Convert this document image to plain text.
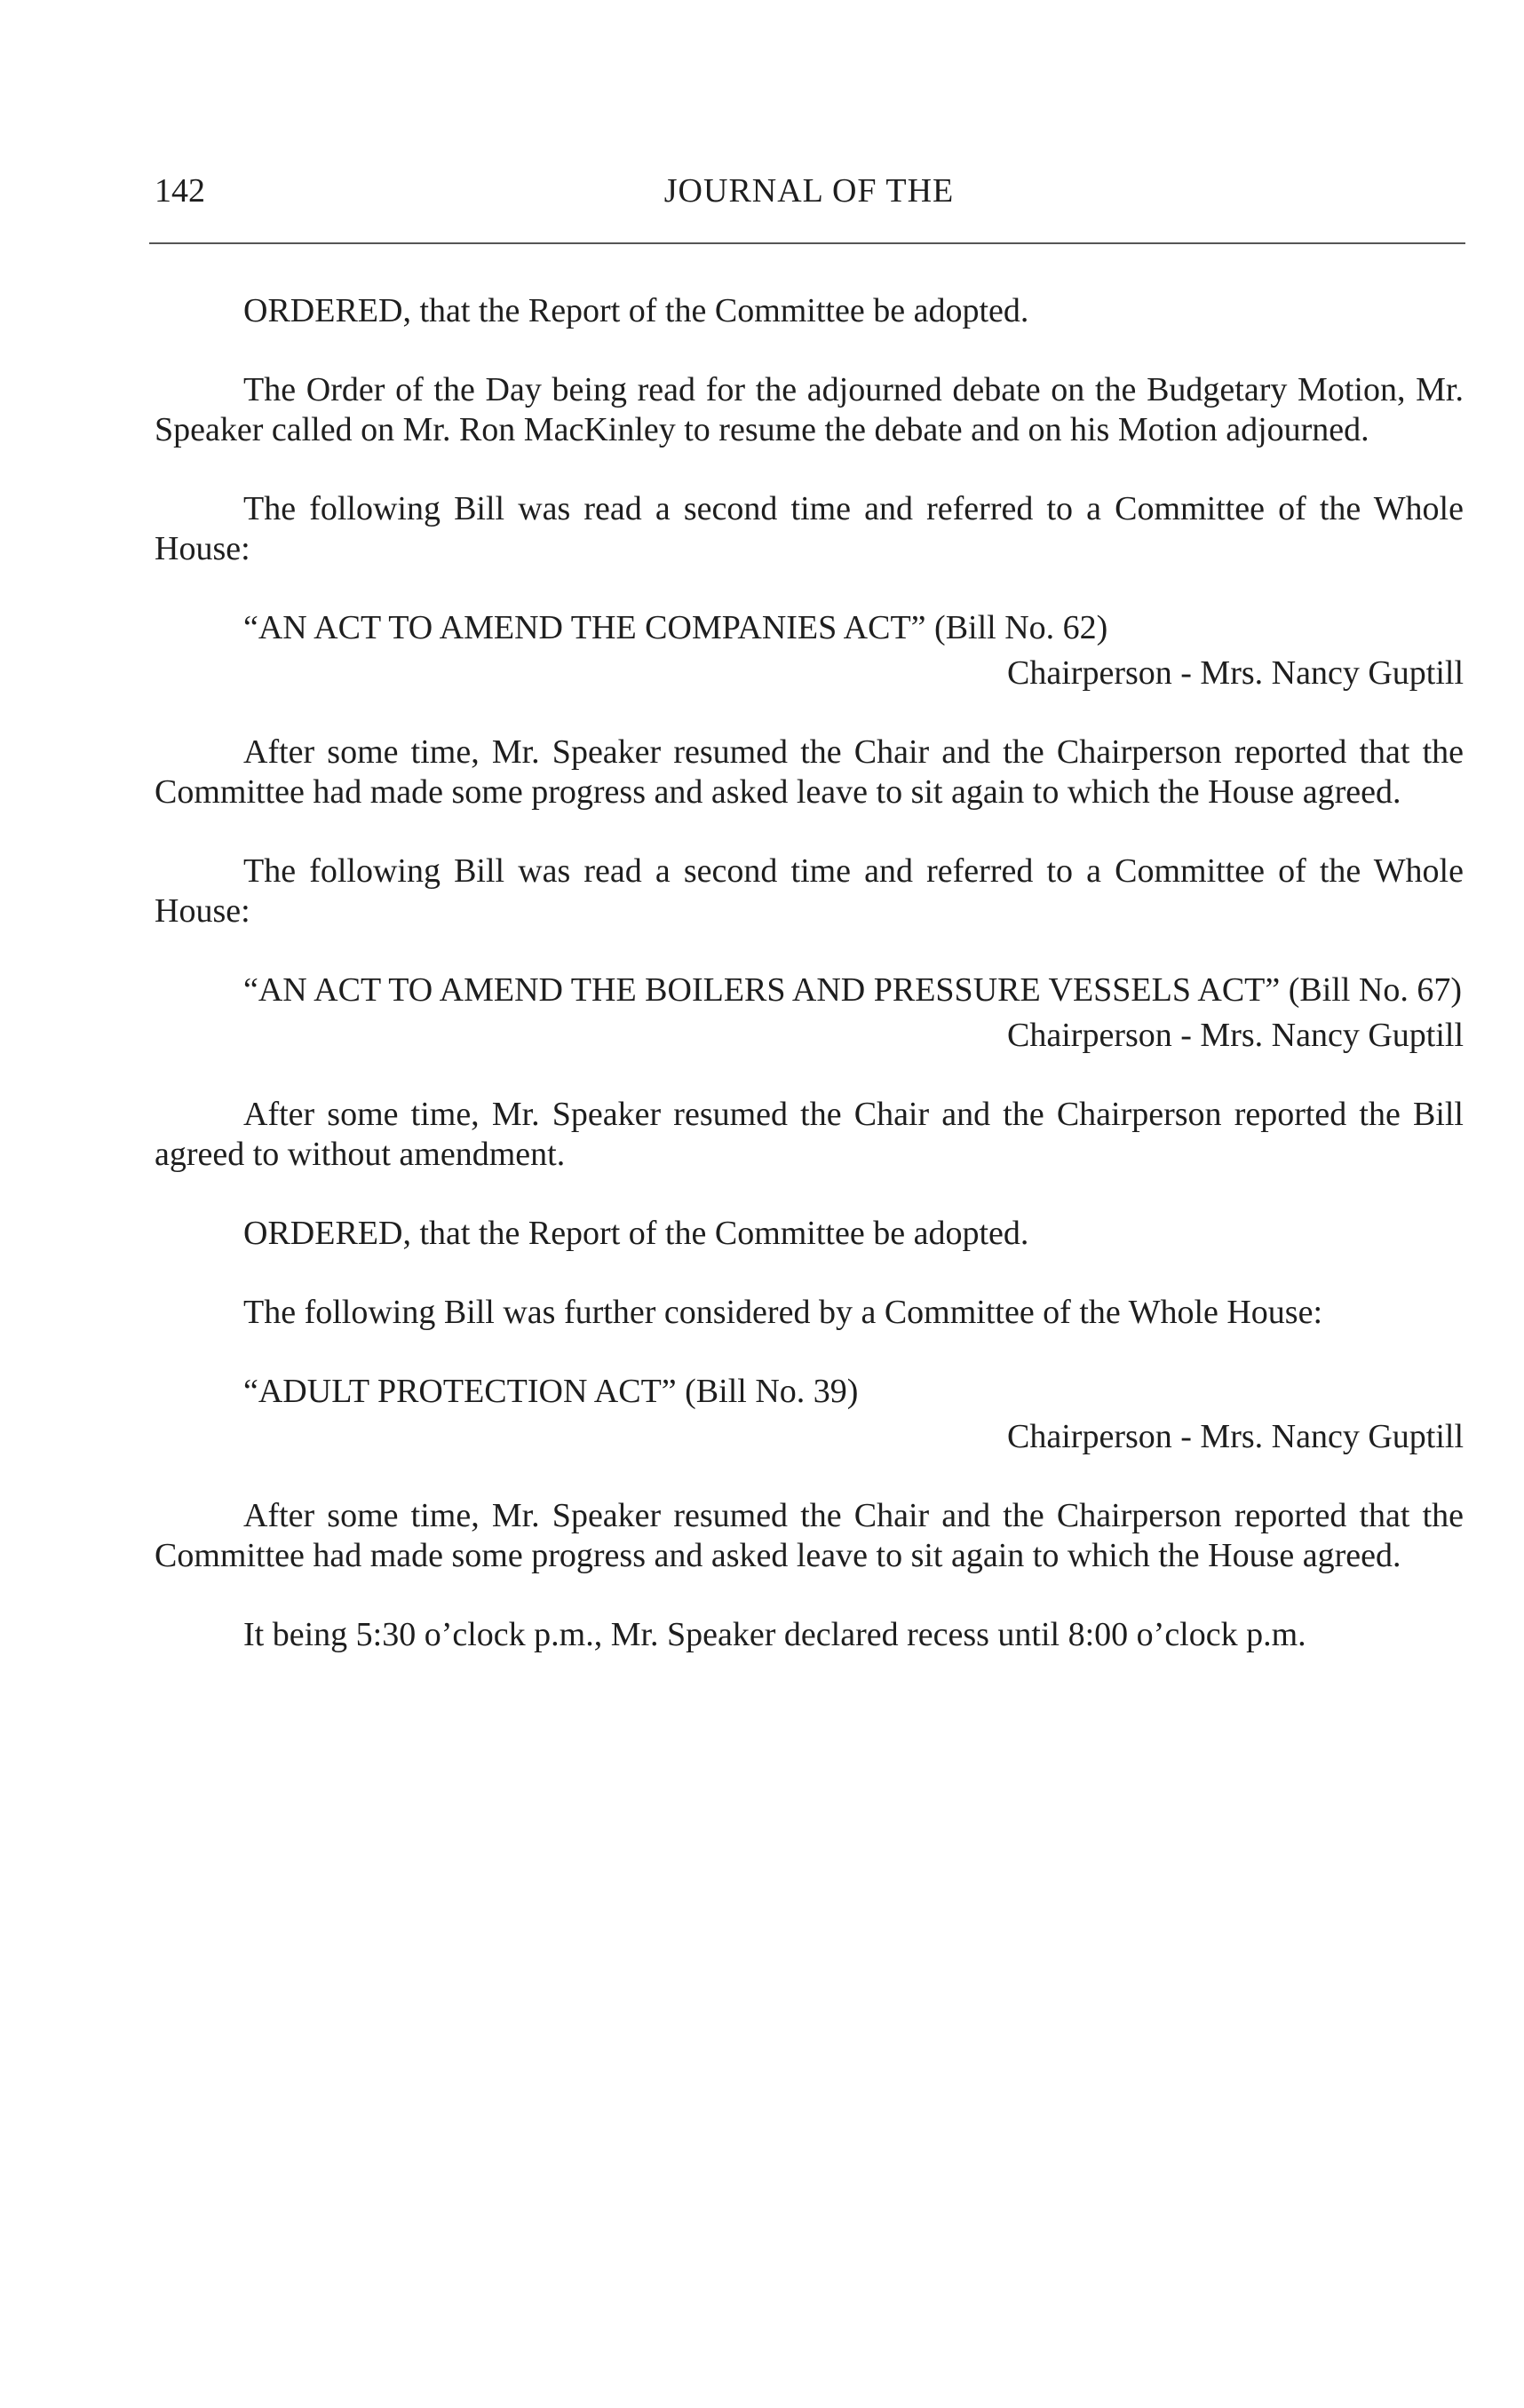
142	JOURNAL OF THE

ORDERED, that the Report of the Committee be adopted.

The Order of the Day being read for the adjourned debate on the Budgetary Motion, Mr. Speaker called on Mr. Ron MacKinley to resume the debate and on his Motion adjourned.

The following Bill was read a second time and referred to a Committee of the Whole House:

“AN ACT TO AMEND THE COMPANIES ACT” (Bill No. 62)

Chairperson - Mrs. Nancy Guptill

After some time, Mr. Speaker resumed the Chair and the Chairperson reported that the Committee had made some progress and asked leave to sit again to which the House agreed.

The following Bill was read a second time and referred to a Committee of the Whole House:

“AN ACT TO AMEND THE BOILERS AND PRESSURE VESSELS ACT” (Bill No. 67)

Chairperson - Mrs. Nancy Guptill

After some time, Mr. Speaker resumed the Chair and the Chairperson reported the Bill agreed to without amendment.

ORDERED, that the Report of the Committee be adopted.

The following Bill was further considered by a Committee of the Whole House:

“ADULT PROTECTION ACT” (Bill No. 39)

Chairperson - Mrs. Nancy Guptill

After some time, Mr. Speaker resumed the Chair and the Chairperson reported that the Committee had made some progress and asked leave to sit again to which the House agreed.

It being 5:30 o’clock p.m., Mr. Speaker declared recess until 8:00 o’clock p.m.
